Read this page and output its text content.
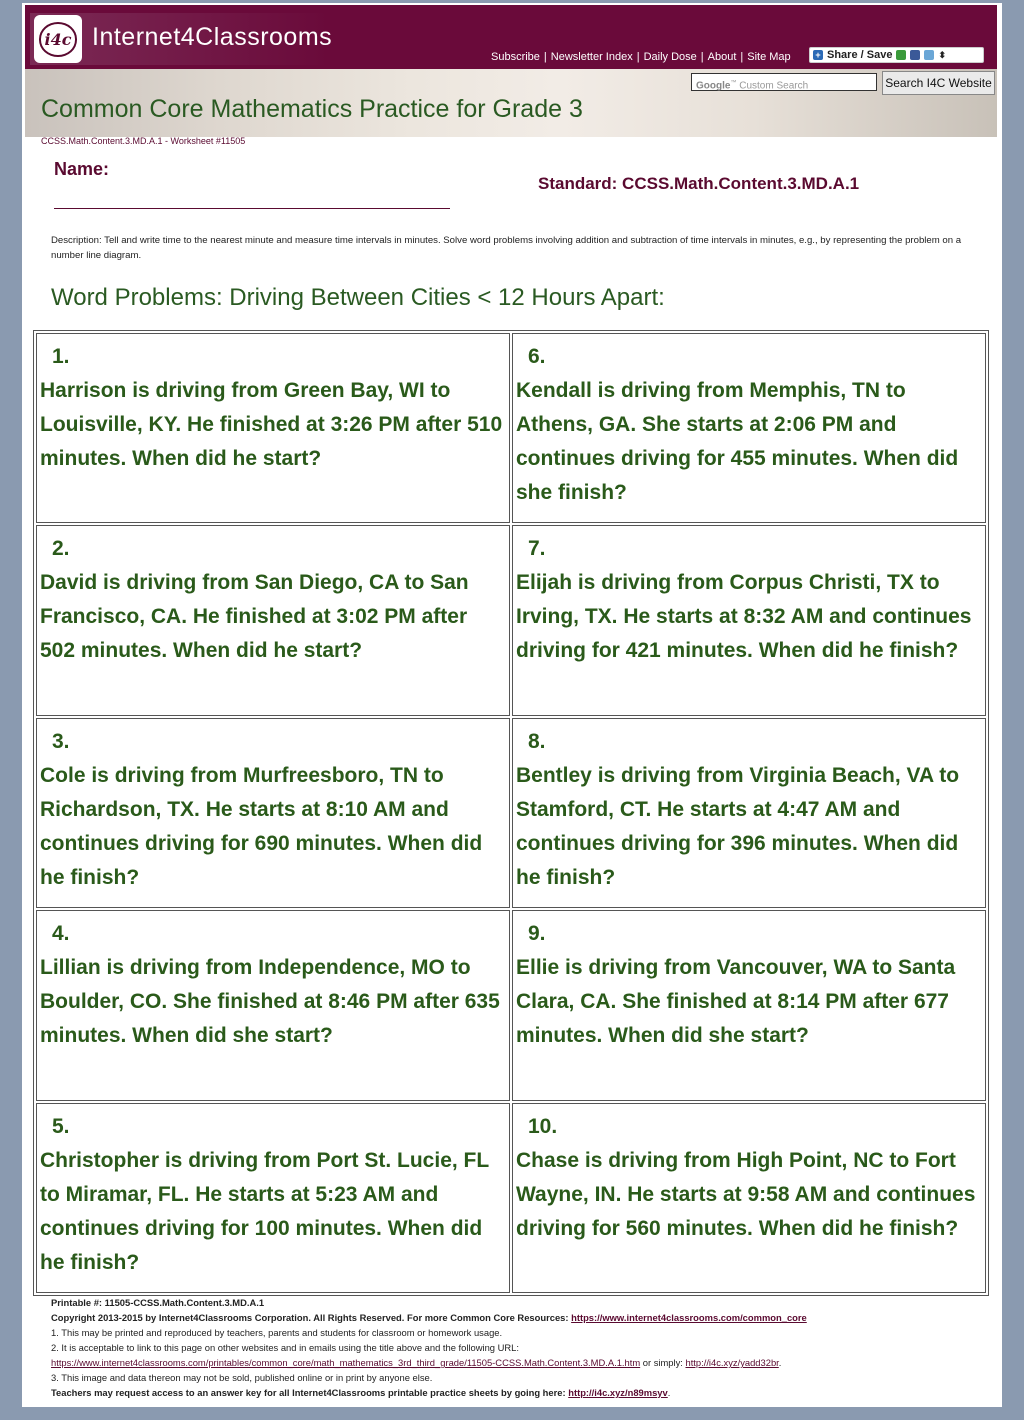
i4c Internet4Classrooms
Subscribe | Newsletter Index | Daily Dose | About | Site Map	+ Share / Save	⬍
Google™ Custom Search	Search I4C Website
Common Core Mathematics Practice for Grade 3
CCSS.Math.Content.3.MD.A.1 - Worksheet #11505
Name:
Standard: CCSS.Math.Content.3.MD.A.1
Description: Tell and write time to the nearest minute and measure time intervals in minutes. Solve word problems involving addition and subtraction of time intervals in minutes, e.g., by representing the problem on a number line diagram.
Word Problems: Driving Between Cities < 12 Hours Apart:
1.
Harrison is driving from Green Bay, WI to Louisville, KY. He finished at 3:26 PM after 510 minutes. When did he start?
6.
Kendall is driving from Memphis, TN to Athens, GA. She starts at 2:06 PM and continues driving for 455 minutes. When did she finish?
2.
David is driving from San Diego, CA to San Francisco, CA. He finished at 3:02 PM after 502 minutes. When did he start?
7.
Elijah is driving from Corpus Christi, TX to Irving, TX. He starts at 8:32 AM and continues driving for 421 minutes. When did he finish?
3.
Cole is driving from Murfreesboro, TN to Richardson, TX. He starts at 8:10 AM and continues driving for 690 minutes. When did he finish?
8.
Bentley is driving from Virginia Beach, VA to Stamford, CT. He starts at 4:47 AM and continues driving for 396 minutes. When did he finish?
4.
Lillian is driving from Independence, MO to Boulder, CO. She finished at 8:46 PM after 635 minutes. When did she start?
9.
Ellie is driving from Vancouver, WA to Santa Clara, CA. She finished at 8:14 PM after 677 minutes. When did she start?
5.
Christopher is driving from Port St. Lucie, FL to Miramar, FL. He starts at 5:23 AM and continues driving for 100 minutes. When did he finish?
10.
Chase is driving from High Point, NC to Fort Wayne, IN. He starts at 9:58 AM and continues driving for 560 minutes. When did he finish?
Printable #: 11505-CCSS.Math.Content.3.MD.A.1
Copyright 2013-2015 by Internet4Classrooms Corporation. All Rights Reserved. For more Common Core Resources: https://www.internet4classrooms.com/common_core
1. This may be printed and reproduced by teachers, parents and students for classroom or homework usage.
2. It is acceptable to link to this page on other websites and in emails using the title above and the following URL:
https://www.internet4classrooms.com/printables/common_core/math_mathematics_3rd_third_grade/11505-CCSS.Math.Content.3.MD.A.1.htm or simply: http://i4c.xyz/yadd32br.
3. This image and data thereon may not be sold, published online or in print by anyone else.
Teachers may request access to an answer key for all Internet4Classrooms printable practice sheets by going here: http://i4c.xyz/n89msyv.
